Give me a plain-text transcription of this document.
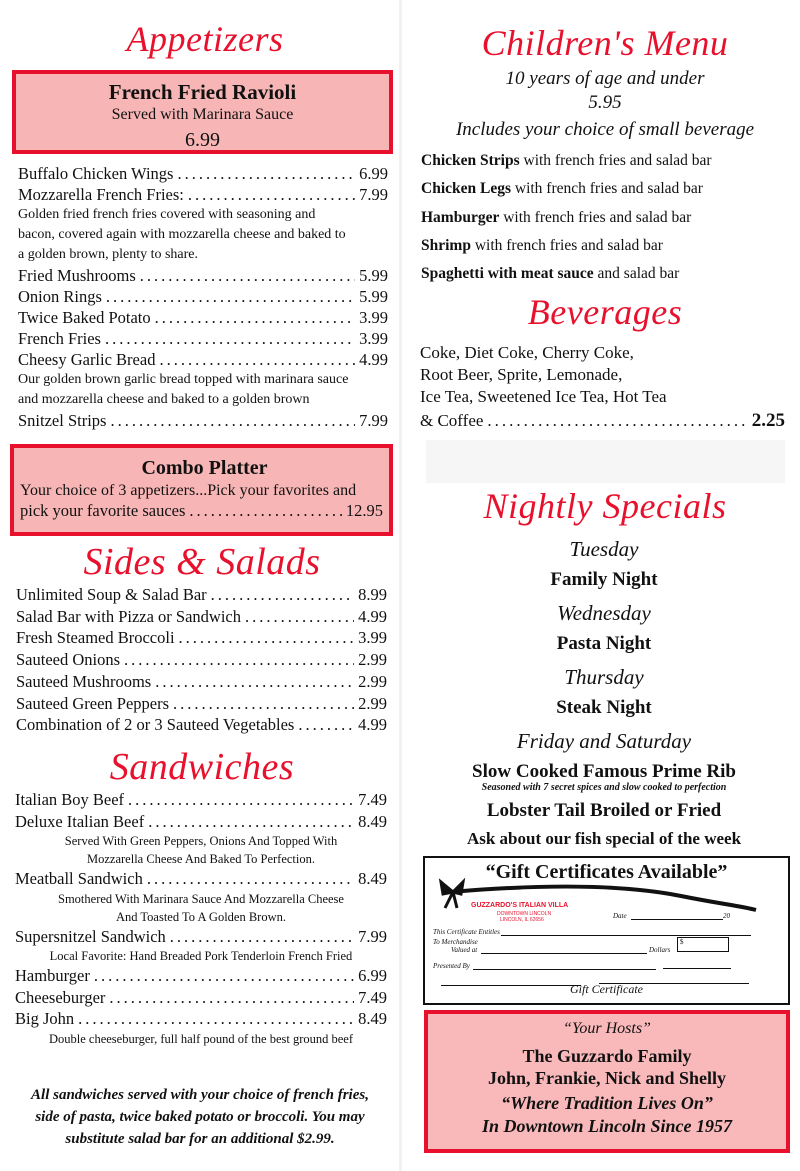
Appetizers
French Fried Ravioli
Served with Marinara Sauce
6.99
Buffalo Chicken Wings .....	6.99
Mozzarella French Fries: .....	7.99
Golden fried french fries covered with seasoning and
bacon, covered again with mozzarella cheese and baked to
a golden brown, plenty to share.
Fried Mushrooms .....	5.99
Onion Rings .....	5.99
Twice Baked Potato .....	3.99
French Fries .....	3.99
Cheesy Garlic Bread .....	4.99
Our golden brown garlic bread topped with marinara sauce
and mozzarella cheese and baked to a golden brown
Snitzel Strips .....	7.99
Combo Platter
Your choice of 3 appetizers...Pick your favorites and
pick your favorite sauces .....	12.95
Sides & Salads
Unlimited Soup & Salad Bar .....	8.99
Salad Bar with Pizza or Sandwich .....	4.99
Fresh Steamed Broccoli .....	3.99
Sauteed Onions .....	2.99
Sauteed Mushrooms .....	2.99
Sauteed Green Peppers .....	2.99
Combination of 2 or 3 Sauteed Vegetables .....	4.99
Sandwiches
Italian Boy Beef .....	7.49
Deluxe Italian Beef .....	8.49
Served With Green Peppers, Onions And Topped With
Mozzarella Cheese And Baked To Perfection.
Meatball Sandwich .....	8.49
Smothered With Marinara Sauce And Mozzarella Cheese
And Toasted To A Golden Brown.
Supersnitzel Sandwich .....	7.99
Local Favorite: Hand Breaded Pork Tenderloin French Fried
Hamburger .....	6.99
Cheeseburger .....	7.49
Big John .....	8.49
Double cheeseburger, full half pound of the best ground beef
All sandwiches served with your choice of french fries,
side of pasta, twice baked potato or broccoli. You may
substitute salad bar for an additional $2.99.
Children's Menu
10 years of age and under
5.95
Includes your choice of small beverage
Chicken Strips with french fries and salad bar
Chicken Legs with french fries and salad bar
Hamburger with french fries and salad bar
Shrimp with french fries and salad bar
Spaghetti with meat sauce and salad bar
Beverages
Coke, Diet Coke, Cherry Coke,
Root Beer, Sprite, Lemonade,
Ice Tea, Sweetened Ice Tea, Hot Tea
& Coffee .....	2.25
Nightly Specials
Tuesday
Family Night
Wednesday
Pasta Night
Thursday
Steak Night
Friday and Saturday
Slow Cooked Famous Prime Rib
Seasoned with 7 secret spices and slow cooked to perfection
Lobster Tail Broiled or Fried
Ask about our fish special of the week
“Gift Certificates Available”
GUZZARDO'S ITALIAN VILLA
DOWNTOWN LINCOLN
LINCOLN, IL 62656	Date	20
This Certificate Entitles
To Merchandise
Valued at	Dollars
$
Presented By
Gift Certificate
“Your Hosts”
The Guzzardo Family
John, Frankie, Nick and Shelly
“Where Tradition Lives On”
In Downtown Lincoln Since 1957
